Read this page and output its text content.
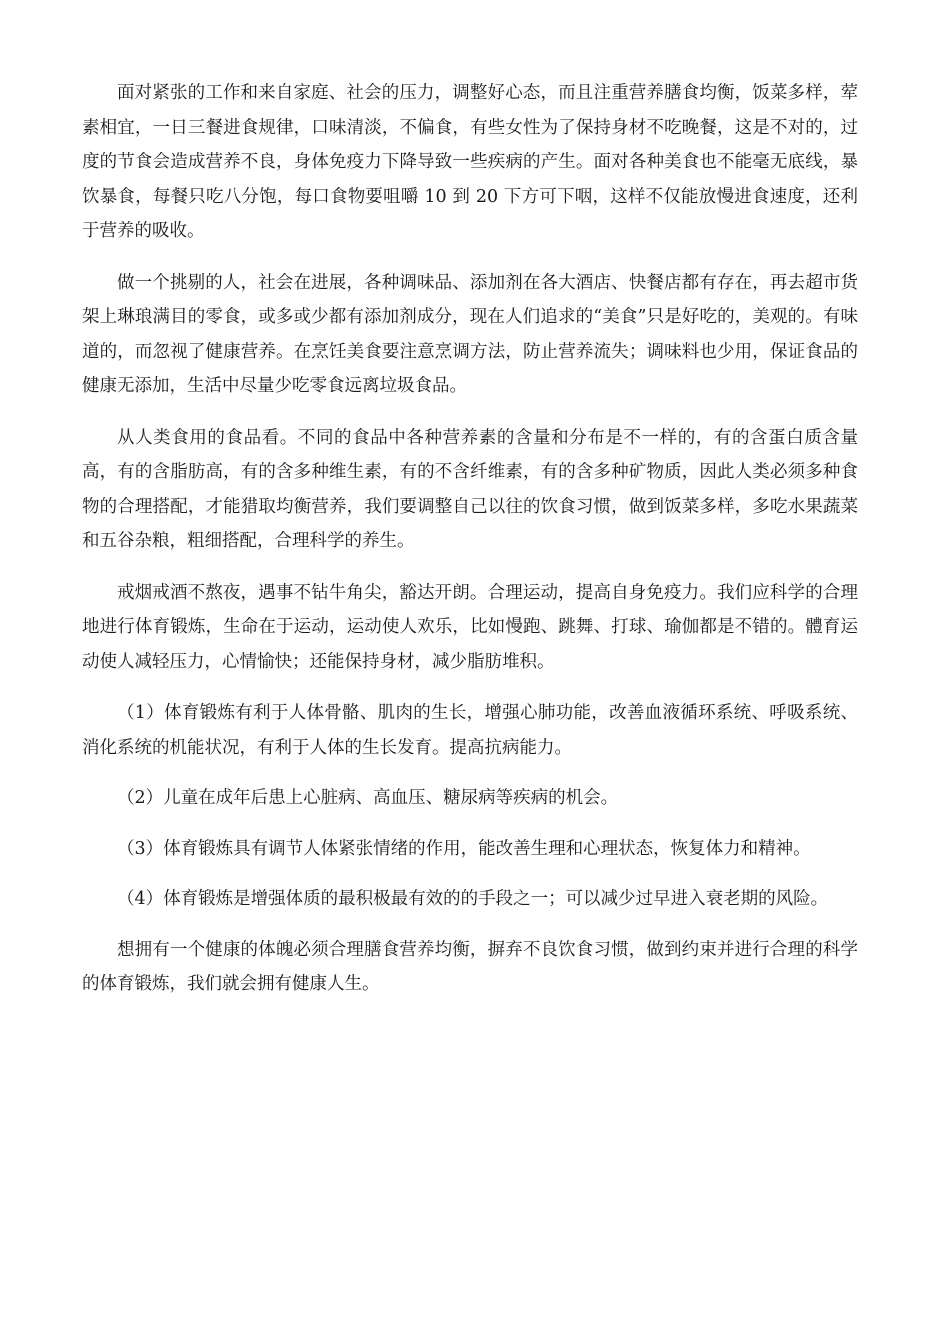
面对紧张的工作和来自家庭、社会的压力，调整好心态，而且注重营养膳食均衡，饭菜多样，荤素相宜，一日三餐进食规律，口味清淡，不偏食，有些女性为了保持身材不吃晚餐，这是不对的，过度的节食会造成营养不良，身体免疫力下降导致一些疾病的产生。面对各种美食也不能毫无底线，暴饮暴食，每餐只吃八分饱，每口食物要咀嚼 10 到 20 下方可下咽，这样不仅能放慢进食速度，还利于营养的吸收。

做一个挑剔的人，社会在进展，各种调味品、添加剂在各大酒店、快餐店都有存在，再去超市货架上琳琅满目的零食，或多或少都有添加剂成分，现在人们追求的“美食”只是好吃的，美观的。有味道的，而忽视了健康营养。在烹饪美食要注意烹调方法，防止营养流失；调味料也少用，保证食品的健康无添加，生活中尽量少吃零食远离垃圾食品。

从人类食用的食品看。不同的食品中各种营养素的含量和分布是不一样的，有的含蛋白质含量高，有的含脂肪高，有的含多种维生素，有的不含纤维素，有的含多种矿物质，因此人类必须多种食物的合理搭配，才能猎取均衡营养，我们要调整自己以往的饮食习惯，做到饭菜多样，多吃水果蔬菜和五谷杂粮，粗细搭配，合理科学的养生。

戒烟戒酒不熬夜，遇事不钻牛角尖，豁达开朗。合理运动，提高自身免疫力。我们应科学的合理地进行体育锻炼，生命在于运动，运动使人欢乐，比如慢跑、跳舞、打球、瑜伽都是不错的。體育运动使人减轻压力，心情愉快；还能保持身材，减少脂肪堆积。

（1）体育锻炼有利于人体骨骼、肌肉的生长，增强心肺功能，改善血液循环系统、呼吸系统、消化系统的机能状况，有利于人体的生长发育。提高抗病能力。

（2）儿童在成年后患上心脏病、高血压、糖尿病等疾病的机会。

（3）体育锻炼具有调节人体紧张情绪的作用，能改善生理和心理状态，恢复体力和精神。

（4）体育锻炼是增强体质的最积极最有效的的手段之一；可以减少过早进入衰老期的风险。

想拥有一个健康的体魄必须合理膳食营养均衡，摒弃不良饮食习惯，做到约束并进行合理的科学的体育锻炼，我们就会拥有健康人生。
